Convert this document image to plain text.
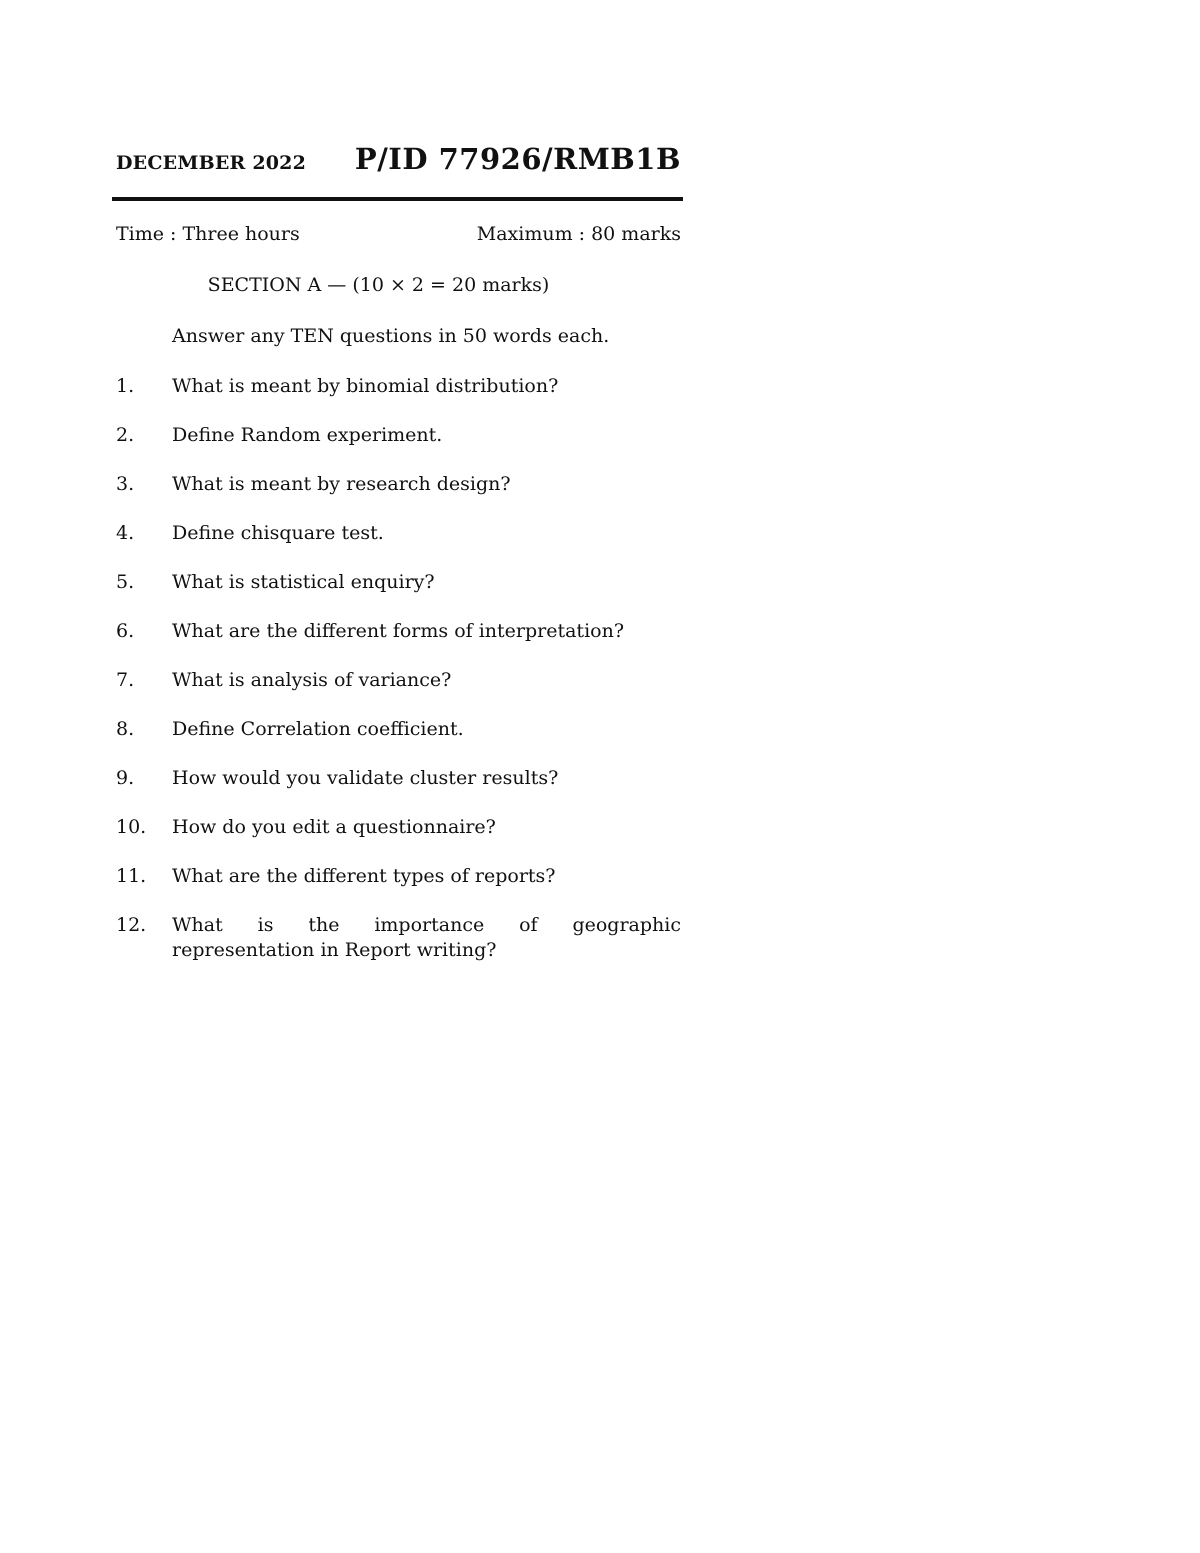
DECEMBER 2022 P/ID 77926/RMB1B
Time : Three hours	Maximum : 80 marks
SECTION A — (10 × 2 = 20 marks)
Answer any TEN questions in 50 words each.
1.	What is meant by binomial distribution?
2.	Define Random experiment.
3.	What is meant by research design?
4.	Define chisquare test.
5.	What is statistical enquiry?
6.	What are the different forms of interpretation?
7.	What is analysis of variance?
8.	Define Correlation coefficient.
9.	How would you validate cluster results?
10.	How do you edit a questionnaire?
11.	What are the different types of reports?
12.	What is the importance of geographic representation in Report writing?
